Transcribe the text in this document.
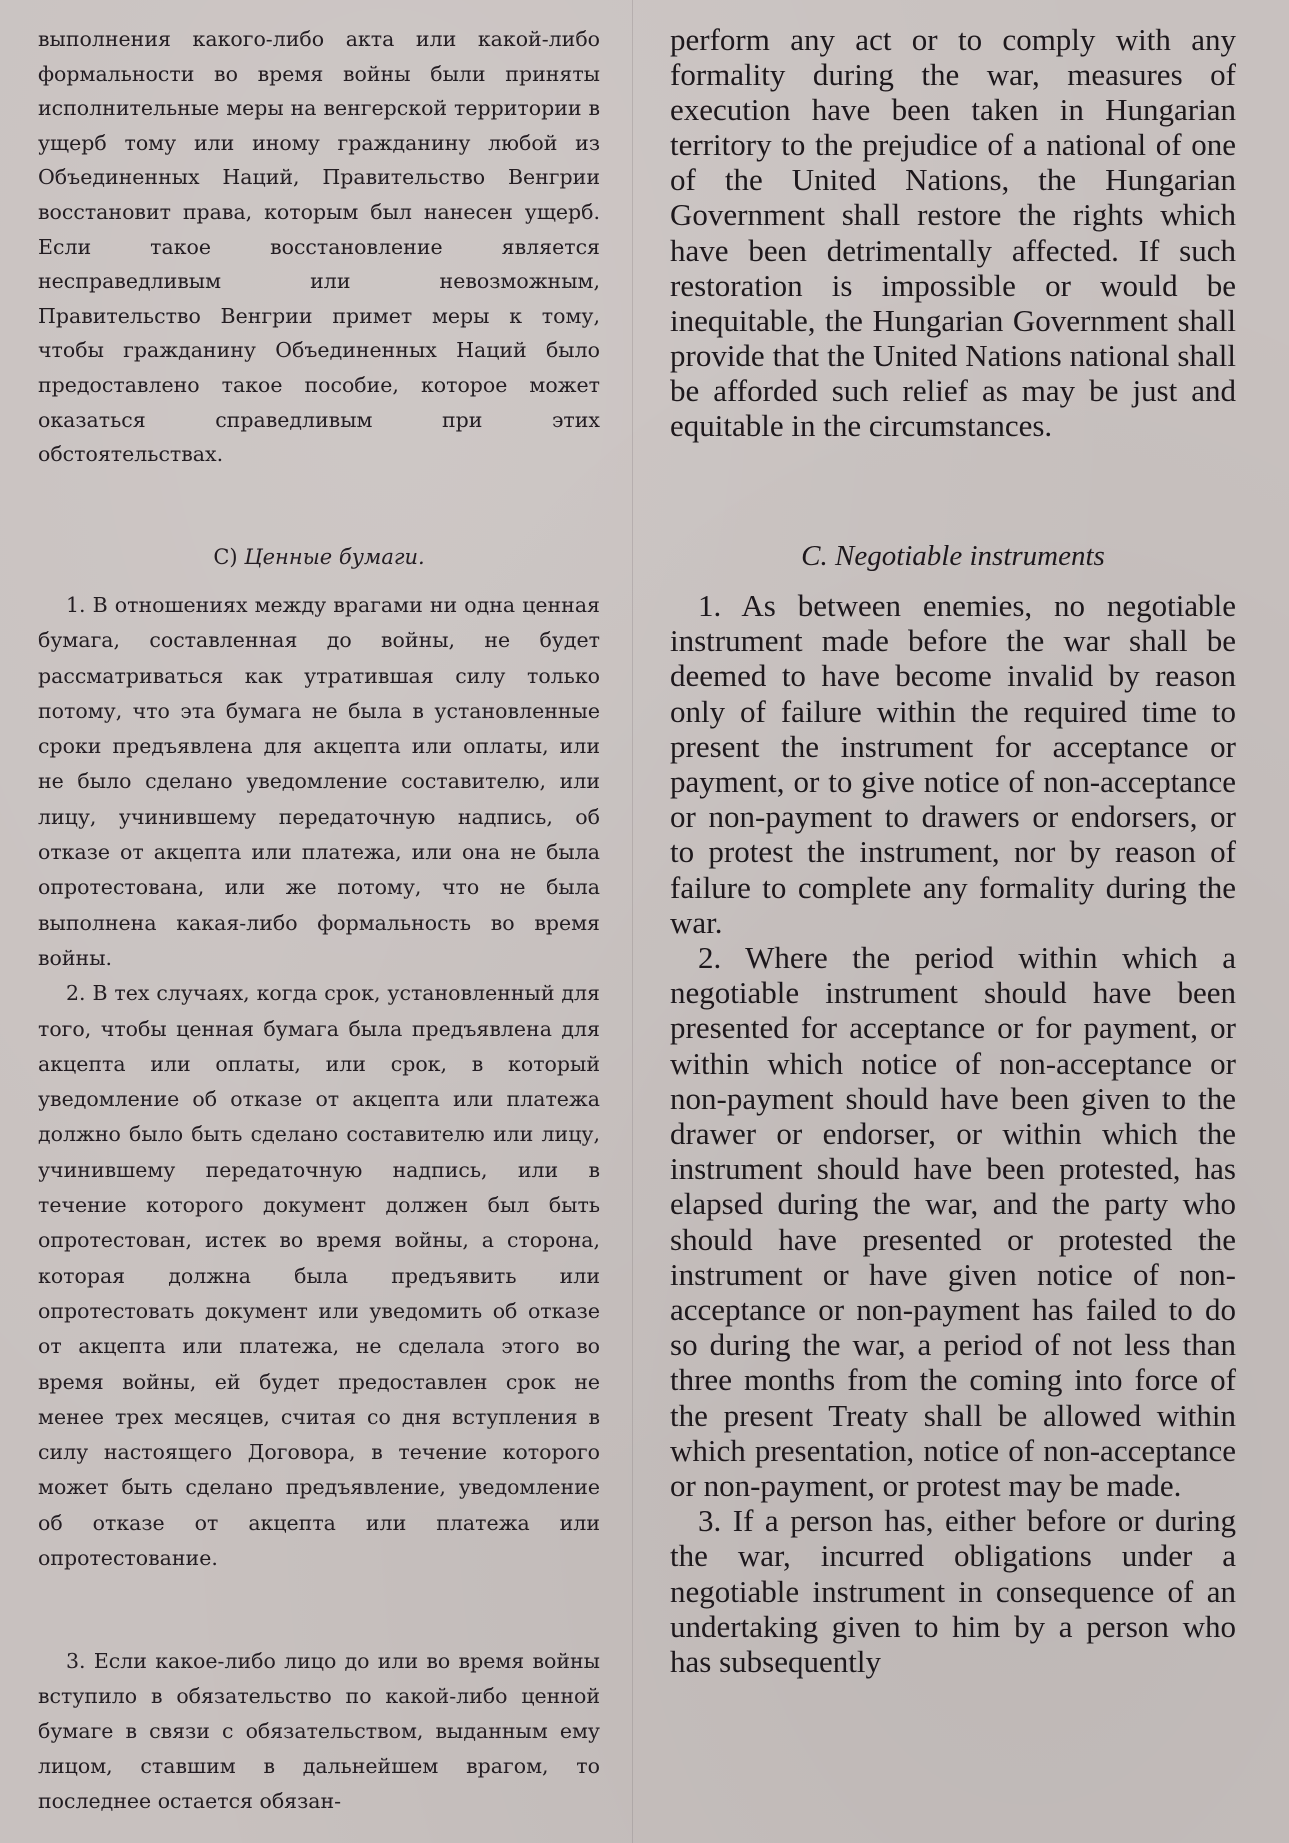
выполнения какого-либо акта или какой-либо формальности во время войны были приняты исполнительные меры на венгерской территории в ущерб тому или иному гражданину любой из Объединенных Наций, Правительство Венгрии восстановит права, которым был нанесен ущерб. Если такое восстановление является несправедливым или невозможным, Правительство Венгрии примет меры к тому, чтобы гражданину Объединенных Наций было предоставлено такое пособие, которое может оказаться справедливым при этих обстоятельствах.

C) Ценные бумаги.

1. В отношениях между врагами ни одна ценная бумага, составленная до войны, не будет рассматриваться как утратившая силу только потому, что эта бумага не была в установленные сроки предъявлена для акцепта или оплаты, или не было сделано уведомление составителю, или лицу, учинившему передаточную надпись, об отказе от акцепта или платежа, или она не была опротестована, или же потому, что не была выполнена какая-либо формальность во время войны.

2. В тех случаях, когда срок, установленный для того, чтобы ценная бумага была предъявлена для акцепта или оплаты, или срок, в который уведомление об отказе от акцепта или платежа должно было быть сделано составителю или лицу, учинившему передаточную надпись, или в течение которого документ должен был быть опротестован, истек во время войны, а сторона, которая должна была предъявить или опротестовать документ или уведомить об отказе от акцепта или платежа, не сделала этого во время войны, ей будет предоставлен срок не менее трех месяцев, считая со дня вступления в силу настоящего Договора, в течение которого может быть сделано предъявление, уведомление об отказе от акцепта или платежа или опротестование.

3. Если какое-либо лицо до или во время войны вступило в обязательство по какой-либо ценной бумаге в связи с обязательством, выданным ему лицом, ставшим в дальнейшем врагом, то последнее остается обязан-

perform any act or to comply with any formality during the war, measures of execution have been taken in Hungarian territory to the prejudice of a national of one of the United Nations, the Hungarian Government shall restore the rights which have been detrimentally affected. If such restoration is impossible or would be inequitable, the Hungarian Government shall provide that the United Nations national shall be afforded such relief as may be just and equitable in the circumstances.

C. Negotiable instruments

1. As between enemies, no negotiable instrument made before the war shall be deemed to have become invalid by reason only of failure within the required time to present the instrument for acceptance or payment, or to give notice of non-acceptance or non-payment to drawers or endorsers, or to protest the instrument, nor by reason of failure to complete any formality during the war.

2. Where the period within which a negotiable instrument should have been presented for acceptance or for payment, or within which notice of non-acceptance or non-payment should have been given to the drawer or endorser, or within which the instrument should have been protested, has elapsed during the war, and the party who should have presented or protested the instrument or have given notice of non-acceptance or non-payment has failed to do so during the war, a period of not less than three months from the coming into force of the present Treaty shall be allowed within which presentation, notice of non-acceptance or non-payment, or protest may be made.

3. If a person has, either before or during the war, incurred obligations under a negotiable instrument in consequence of an undertaking given to him by a person who has subsequently
